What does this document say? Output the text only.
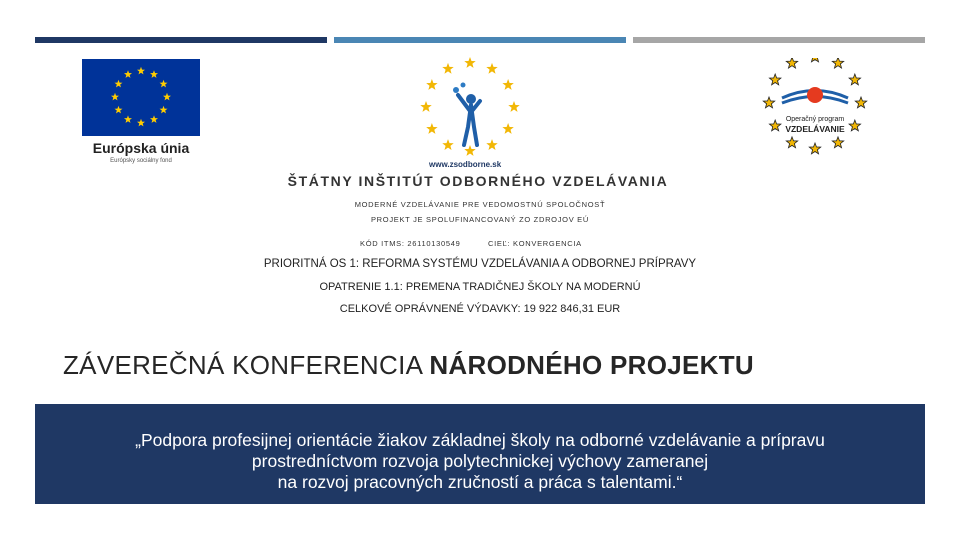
Európska únia
Európsky sociálny fond	www.zsodborne.sk
Operačný program
VZDELÁVANIE
ŠTÁTNY INŠTITÚT ODBORNÉHO VZDELÁVANIA
MODERNÉ VZDELÁVANIE PRE VEDOMOSTNÚ SPOLOČNOSŤ
PROJEKT JE SPOLUFINANCOVANÝ ZO ZDROJOV EÚ
KÓD ITMS: 26110130549	CIEĽ: KONVERGENCIA
PRIORITNÁ OS 1: REFORMA SYSTÉMU VZDELÁVANIA A ODBORNEJ PRÍPRAVY
OPATRENIE 1.1: PREMENA TRADIČNEJ ŠKOLY NA MODERNÚ
CELKOVÉ OPRÁVNENÉ VÝDAVKY: 19 922 846,31 EUR
ZÁVEREČNÁ KONFERENCIA NÁRODNÉHO PROJEKTU
„Podpora profesijnej orientácie žiakov základnej školy na odborné vzdelávanie a prípravu
prostredníctvom rozvoja polytechnickej výchovy zameranej
na rozvoj pracovných zručností a práca s talentami.“
